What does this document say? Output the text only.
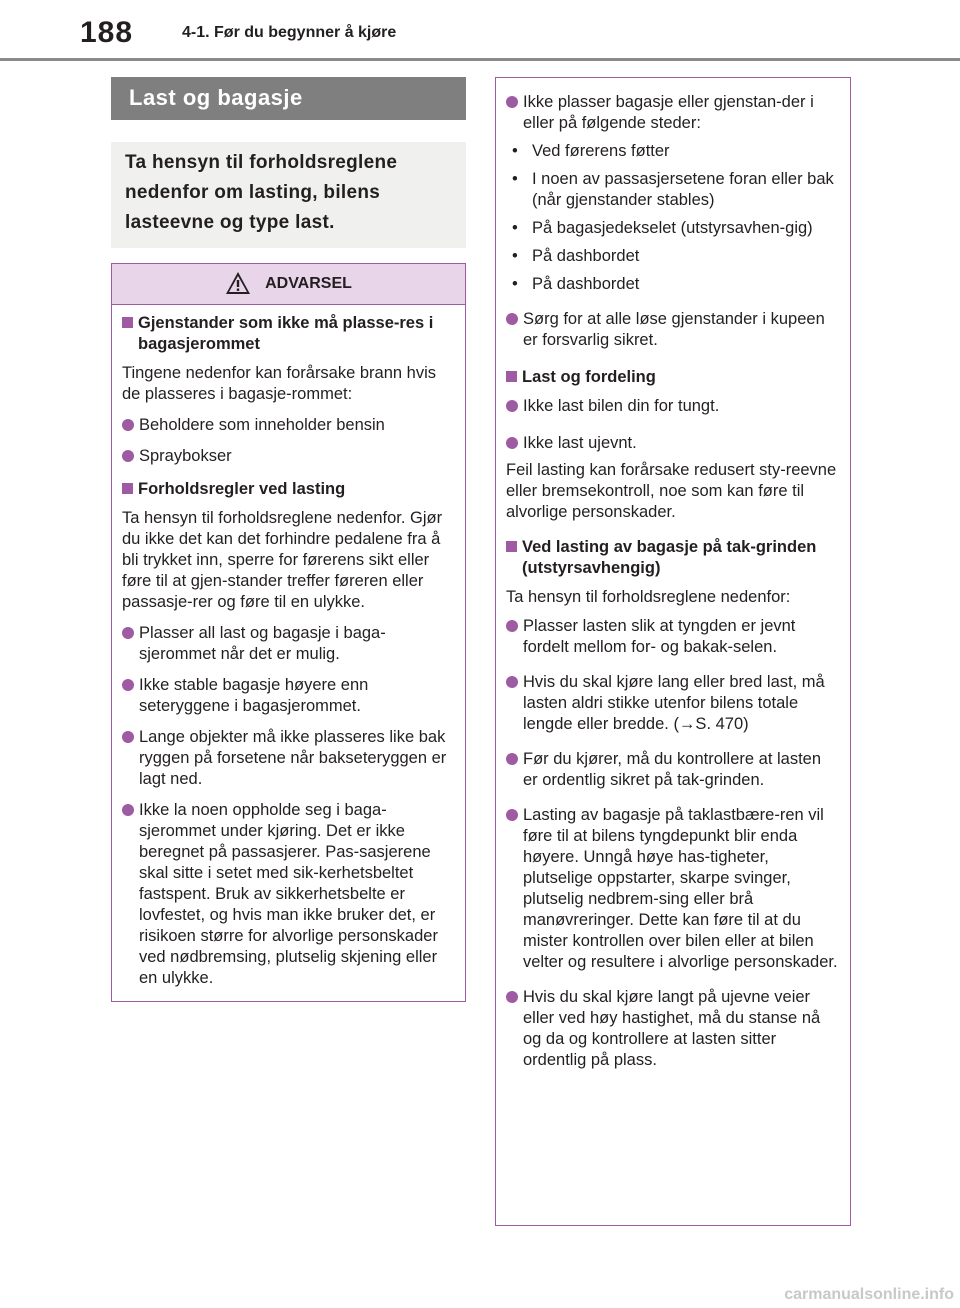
188	4-1. Før du begynner å kjøre
Last og bagasje
Ta hensyn til forholdsreglene nedenfor om lasting, bilens lasteevne og type last.
ADVARSEL
Gjenstander som ikke må plasse-res i bagasjerommet
Tingene nedenfor kan forårsake brann hvis de plasseres i bagasje-rommet:
Beholdere som inneholder bensin
Spraybokser
Forholdsregler ved lasting
Ta hensyn til forholdsreglene nedenfor. Gjør du ikke det kan det forhindre pedalene fra å bli trykket inn, sperre for førerens sikt eller føre til at gjen-stander treffer føreren eller passasje-rer og føre til en ulykke.
Plasser all last og bagasje i baga-sjerommet når det er mulig.
Ikke stable bagasje høyere enn seteryggene i bagasjerommet.
Lange objekter må ikke plasseres like bak ryggen på forsetene når bakseteryggen er lagt ned.
Ikke la noen oppholde seg i baga-sjerommet under kjøring. Det er ikke beregnet på passasjerer. Pas-sasjerene skal sitte i setet med sik-kerhetsbeltet fastspent. Bruk av sikkerhetsbelte er lovfestet, og hvis man ikke bruker det, er risikoen større for alvorlige personskader ved nødbremsing, plutselig skjening eller en ulykke.
Ikke plasser bagasje eller gjenstan-der i eller på følgende steder:
• Ved førerens føtter
• I noen av passasjersetene foran eller bak (når gjenstander stables)
• På bagasjedekselet (utstyrsavhen-gig)
• På dashbordet
• På dashbordet
Sørg for at alle løse gjenstander i kupeen er forsvarlig sikret.
Last og fordeling
Ikke last bilen din for tungt.
Ikke last ujevnt.
Feil lasting kan forårsake redusert sty-reevne eller bremsekontroll, noe som kan føre til alvorlige personskader.
Ved lasting av bagasje på tak-grinden (utstyrsavhengig)
Ta hensyn til forholdsreglene nedenfor:
Plasser lasten slik at tyngden er jevnt fordelt mellom for- og bakak-selen.
Hvis du skal kjøre lang eller bred last, må lasten aldri stikke utenfor bilens totale lengde eller bredde. (→S. 470)
Før du kjører, må du kontrollere at lasten er ordentlig sikret på tak-grinden.
Lasting av bagasje på taklastbære-ren vil føre til at bilens tyngdepunkt blir enda høyere. Unngå høye has-tigheter, plutselige oppstarter, skarpe svinger, plutselig nedbrem-sing eller brå manøvreringer. Dette kan føre til at du mister kontrollen over bilen eller at bilen velter og resultere i alvorlige personskader.
Hvis du skal kjøre langt på ujevne veier eller ved høy hastighet, må du stanse nå og da og kontrollere at lasten sitter ordentlig på plass.
carmanualsonline.info
